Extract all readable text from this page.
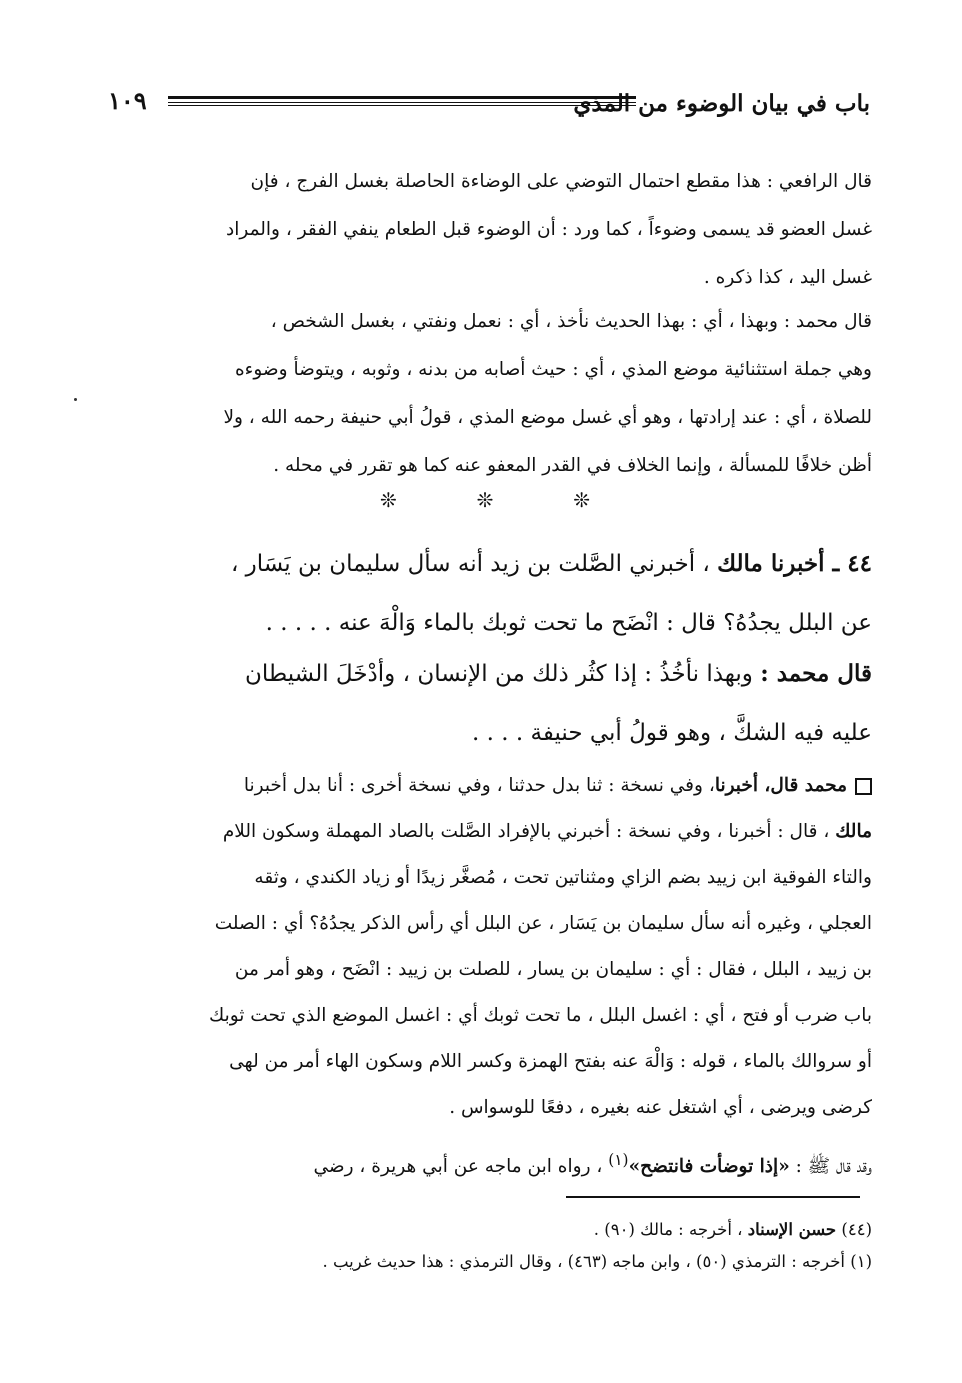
١٠٩	باب في بيان الوضوء من المذي
قال الرافعي : هذا مقطع احتمال التوضي على الوضاءة الحاصلة بغسل الفرج ، فإن
غسل العضو قد يسمى وضوءاً ، كما ورد : أن الوضوء قبل الطعام ينفي الفقر ، والمراد
غسل اليد ، كذا ذكره .
قال محمد : وبهذا ، أي : بهذا الحديث نأخذ ، أي : نعمل ونفتي ، بغسل الشخص ،
وهي جملة استثنائية موضع المذي ، أي : حيث أصابه من بدنه ، وثوبه ، ويتوضأ وضوءه
للصلاة ، أي : عند إرادتها ، وهو أي غسل موضع المذي ، قولُ أبي حنيفة رحمه الله ، ولا
أظن خلافًا للمسألة ، وإنما الخلاف في القدر المعفو عنه كما هو تقرر في محله .
❊	❊	❊
٤٤ ـ أخبرنا مالك ، أخبرني الصَّلت بن زيد أنه سأل سليمان بن يَسَار ،
عن البلل يجدُهُ؟ قال : انْضَح ما تحت ثوبك بالماء وَالْهَ عنه . . . . .
قال محمد : وبهذا نأخُذُ : إذا كثُر ذلك من الإنسان ، وأدْخَلَ الشيطان
عليه فيه الشكَّ ، وهو قولُ أبي حنيفة . . . .
محمد قال، أخبرنا، وفي نسخة : ثنا بدل حدثنا ، وفي نسخة أخرى : أنا بدل أخبرنا
مالك ، قال : أخبرنا ، وفي نسخة : أخبرني بالإفراد الصَّلت بالصاد المهملة وسكون اللام
والتاء الفوقية ابن زييد بضم الزاي ومثناتين تحت ، مُصغَّر زيدًا أو زياد الكندي ، وثقه
العجلي ، وغيره أنه سأل سليمان بن يَسَار ، عن البلل أي رأس الذكر يجدُهُ؟ أي : الصلت
بن زييد ، البلل ، فقال : أي : سليمان بن يسار ، للصلت بن زييد : انْضَح ، وهو أمر من
باب ضرب أو فتح ، أي : اغسل البلل ، ما تحت ثوبك أي : اغسل الموضع الذي تحت ثوبك
أو سروالك بالماء ، قوله : وَالْهَ عنه بفتح الهمزة وكسر اللام وسكون الهاء أمر من لهى
كرضى ويرضى ، أي اشتغل عنه بغيره ، دفعًا للوسواس .
وقد قال ﷺ : «إذا توضأت فانتضح»$^{(١)}$ ، رواه ابن ماجه عن أبي هريرة ، رضي
(٤٤) حسن الإسناد ، أخرجه : مالك (٩٠) .
(١) أخرجه : الترمذي (٥٠) ، وابن ماجه (٤٦٣) ، وقال الترمذي : هذا حديث غريب .
